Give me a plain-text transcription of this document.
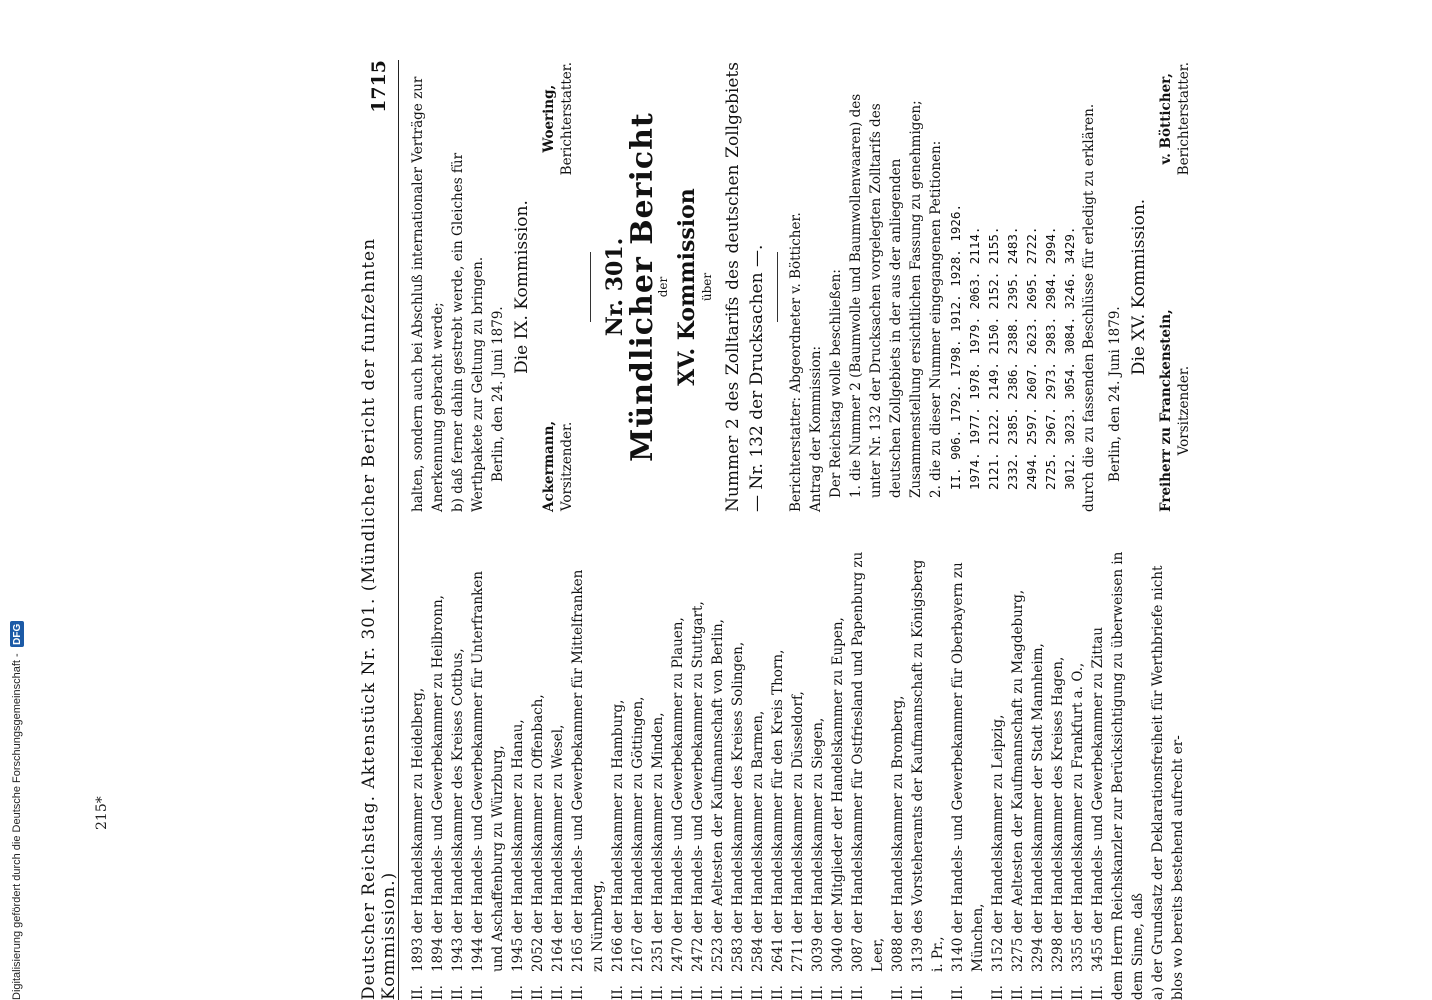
Deutscher Reichstag. Aktenstück Nr. 301. (Mündlicher Bericht der funfzehnten Kommission.)
1715
II.
1893 der Handelskammer zu Heidelberg,
II.
1894 der Handels- und Gewerbekammer zu Heilbronn,
II.
1943 der Handelskammer des Kreises Cottbus,
II.
1944 der Handels- und Gewerbekammer für Unterfranken und Aschaffenburg zu Würzburg,
II.
1945 der Handelskammer zu Hanau,
II.
2052 der Handelskammer zu Offenbach,
II.
2164 der Handelskammer zu Wesel,
II.
2165 der Handels- und Gewerbekammer für Mittelfranken zu Nürnberg,
II.
2166 der Handelskammer zu Hamburg,
II.
2167 der Handelskammer zu Göttingen,
II.
2351 der Handelskammer zu Minden,
II.
2470 der Handels- und Gewerbekammer zu Plauen,
II.
2472 der Handels- und Gewerbekammer zu Stuttgart,
II.
2523 der Aeltesten der Kaufmannschaft von Berlin,
II.
2583 der Handelskammer des Kreises Solingen,
II.
2584 der Handelskammer zu Barmen,
II.
2641 der Handelskammer für den Kreis Thorn,
II.
2711 der Handelskammer zu Düsseldorf,
II.
3039 der Handelskammer zu Siegen,
II.
3040 der Mitglieder der Handelskammer zu Eupen,
II.
3087 der Handelskammer für Ostfriesland und Papenburg zu Leer,
II.
3088 der Handelskammer zu Bromberg,
II.
3139 des Vorsteheramts der Kaufmannschaft zu Königsberg i. Pr.,
II.
3140 der Handels- und Gewerbekammer für Oberbayern zu München,
II.
3152 der Handelskammer zu Leipzig,
II.
3275 der Aeltesten der Kaufmannschaft zu Magdeburg,
II.
3294 der Handelskammer der Stadt Mannheim,
II.
3298 der Handelskammer des Kreises Hagen,
II.
3355 der Handelskammer zu Frankfurt a. O.,
II.
3455 der Handels- und Gewerbekammer zu Zittau dem Herrn Reichskanzler zur Berücksichtigung zu überweisen in dem Sinne, daß a) der Grundsatz der Deklarationsfreiheit für Werthbriefe nicht blos wo bereits bestehend aufrecht er-

halten, sondern auch bei Abschluß internationaler Verträge zur Anerkennung gebracht werde; b) daß ferner dahin gestrebt werde, ein Gleiches für Werthpakete zur Geltung zu bringen. Berlin, den 24. Juni 1879.

Die IX. Kommission.
Ackermann, Vorsitzender.
Woering, Berichterstatter.
Nr. 301.
Mündlicher Bericht
der XV. Kommission über Nummer 2 des Zolltarifs des deutschen Zollgebiets — Nr. 132 der Drucksachen —. Berichterstatter: Abgeordneter v. Bötticher. Antrag der Kommission: Der Reichstag wolle beschließen: 1. die Nummer 2 (Baumwolle und Baumwollenwaaren) des unter Nr. 132 der Drucksachen vorgelegten Zolltarifs des deutschen Zollgebiets in der aus der anliegenden Zusammenstellung ersichtlichen Fassung zu genehmigen; 2. die zu dieser Nummer eingegangenen Petitionen: II. 906. 1792. 1798. 1912. 1928. 1926. 1974. 1977. 1978. 1979. 2063. 2114. 2121. 2122. 2149. 2150. 2152. 2155. 2332. 2385. 2386. 2388. 2395. 2483. 2494. 2597. 2607. 2623. 2695. 2722. 2725. 2967. 2973. 2983. 2984. 2994. 3012. 3023. 3054. 3084. 3246. 3429. durch die zu fassenden Beschlüsse für erledigt zu erklären. Berlin, den 24. Juni 1879.

Die XV. Kommission.
Freiherr zu Franckenstein, Vorsitzender.
v. Bötticher, Berichterstatter.
Digitalisierung gefördert durch die Deutsche Forschungsgemeinschaft -
DFG
215*
